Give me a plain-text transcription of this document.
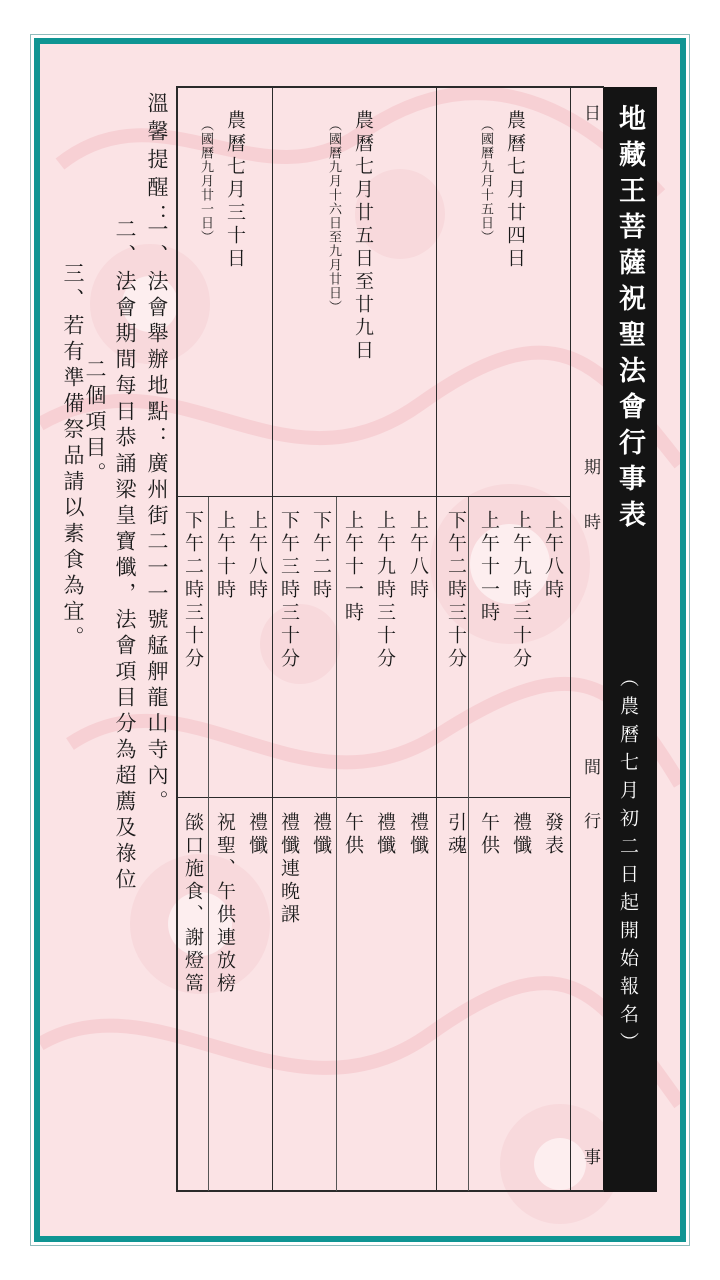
地藏王菩薩祝聖法會行事表
（農曆七月初二日起開始報名）
日
期
時
間
行
事
農曆七月廿四日
（國曆九月十五日）
上午八時
發表
上午九時三十分
禮懺
上午十一時
午供
下午二時三十分
引魂
農曆七月廿五日至廿九日
（國曆九月十六日至九月廿日）
上午八時
禮懺
上午九時三十分
禮懺
上午十一時
午供
下午二時
禮懺
下午三時三十分
禮懺連晚課
農曆七月三十日
（國曆九月廿一日）
上午八時
禮懺
上午十時
祝聖、午供連放榜
下午二時三十分
燄口施食、謝燈篙
溫馨提醒：
一、法會舉辦地點：廣州街二一一號艋舺龍山寺內。
二、法會期間每日恭誦梁皇寶懺，法會項目分為超薦及祿位
二個項目。
三、若有準備祭品請以素食為宜。
